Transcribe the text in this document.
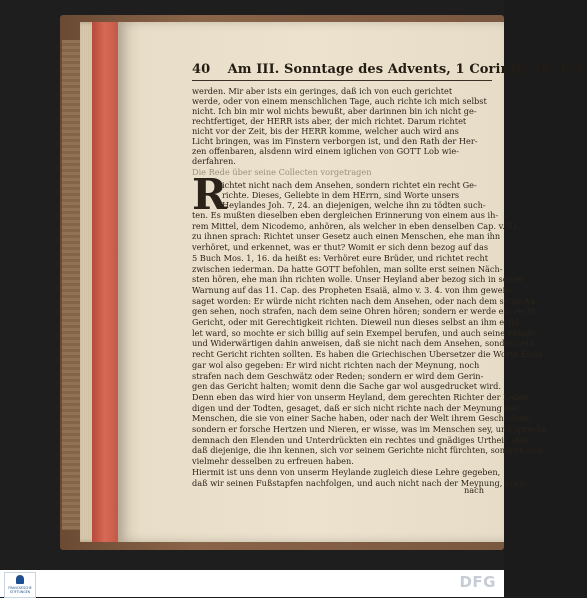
40 Am III. Sonntage des Advents, 1 Corinth. IV, 1-5.
werden. Mir aber ists ein geringes, daß ich von euch gerichtet
werde, oder von einem menschlichen Tage, auch richte ich mich selbst
nicht. Ich bin mir wol nichts bewußt, aber darinnen bin ich nicht ge-
rechtfertiget, der HERR ists aber, der mich richtet. Darum richtet
nicht vor der Zeit, bis der HERR komme, welcher auch wird ans
Licht bringen, was im Finstern verborgen ist, und den Rath der Her-
zen offenbaren, alsdenn wird einem iglichen von GOTT Lob wie-
derfahren.
Die Rede über seine Collecten vorgetragen
R
ichtet nicht nach dem Ansehen, sondern richtet ein recht Ge-
richte. Dieses, Geliebte in dem HErrn, sind Worte unsers
Heylandes Joh. 7, 24. an diejenigen, welche ihn zu tödten such-
ten. Es mußten dieselben eben dergleichen Erinnerung von einem aus ih-
rem Mittel, dem Nicodemo, anhören, als welcher in eben denselben Cap. v. 51.
zu ihnen sprach: Richtet unser Gesetz auch einen Menschen, ehe man ihn
verhöret, und erkennet, was er thut? Womit er sich denn bezog auf das
5 Buch Mos. 1, 16. da heißt es: Verhöret eure Brüder, und richtet recht
zwischen iederman. Da hatte GOTT befohlen, man sollte erst seinen Näch-
sten hören, ehe man ihn richten wolle. Unser Heyland aber bezog sich in seiner
Warnung auf das 11. Cap. des Propheten Esaiä, almo v. 3. 4. von ihm geweis-
saget worden: Er würde nicht richten nach dem Ansehen, oder nach dem seine Au-
gen sehen, noch strafen, nach dem seine Ohren hören; sondern er werde ein recht
Gericht, oder mit Gerechtigkeit richten. Dieweil nun dieses selbst an ihm erfül-
let ward, so mochte er sich billig auf sein Exempel berufen, und auch seine Feinde
und Widerwärtigen dahin anweisen, daß sie nicht nach dem Ansehen, sondern ein
recht Gericht richten sollten. Es haben die Griechischen Ubersetzer die Worte Esaiä
gar wol also gegeben: Er wird nicht richten nach der Meynung, noch
strafen nach dem Geschwätz oder Reden; sondern er wird dem Gerin-
gen das Gericht halten; womit denn die Sache gar wol ausgedrucket wird.
Denn eben das wird hier von unserm Heyland, dem gerechten Richter der Leben-
digen und der Todten, gesaget, daß er sich nicht richte nach der Meynung der
Menschen, die sie von einer Sache haben, oder nach der Welt ihrem Geschwätze;
sondern er forsche Hertzen und Nieren, er wisse, was im Menschen sey, und spreche
demnach den Elenden und Unterdrückten ein rechtes und gnädiges Urtheil, also,
daß diejenige, die ihn kennen, sich vor seinem Gerichte nicht fürchten, sondern sich
vielmehr desselben zu erfreuen haben.
Hiermit ist uns denn von unserm Heylande zugleich diese Lehre gegeben,
daß wir seinen Fußstapfen nachfolgen, und auch nicht nach der Meynung, noch
nach
FRANCKESCHE STIFTUNGEN
DFG
